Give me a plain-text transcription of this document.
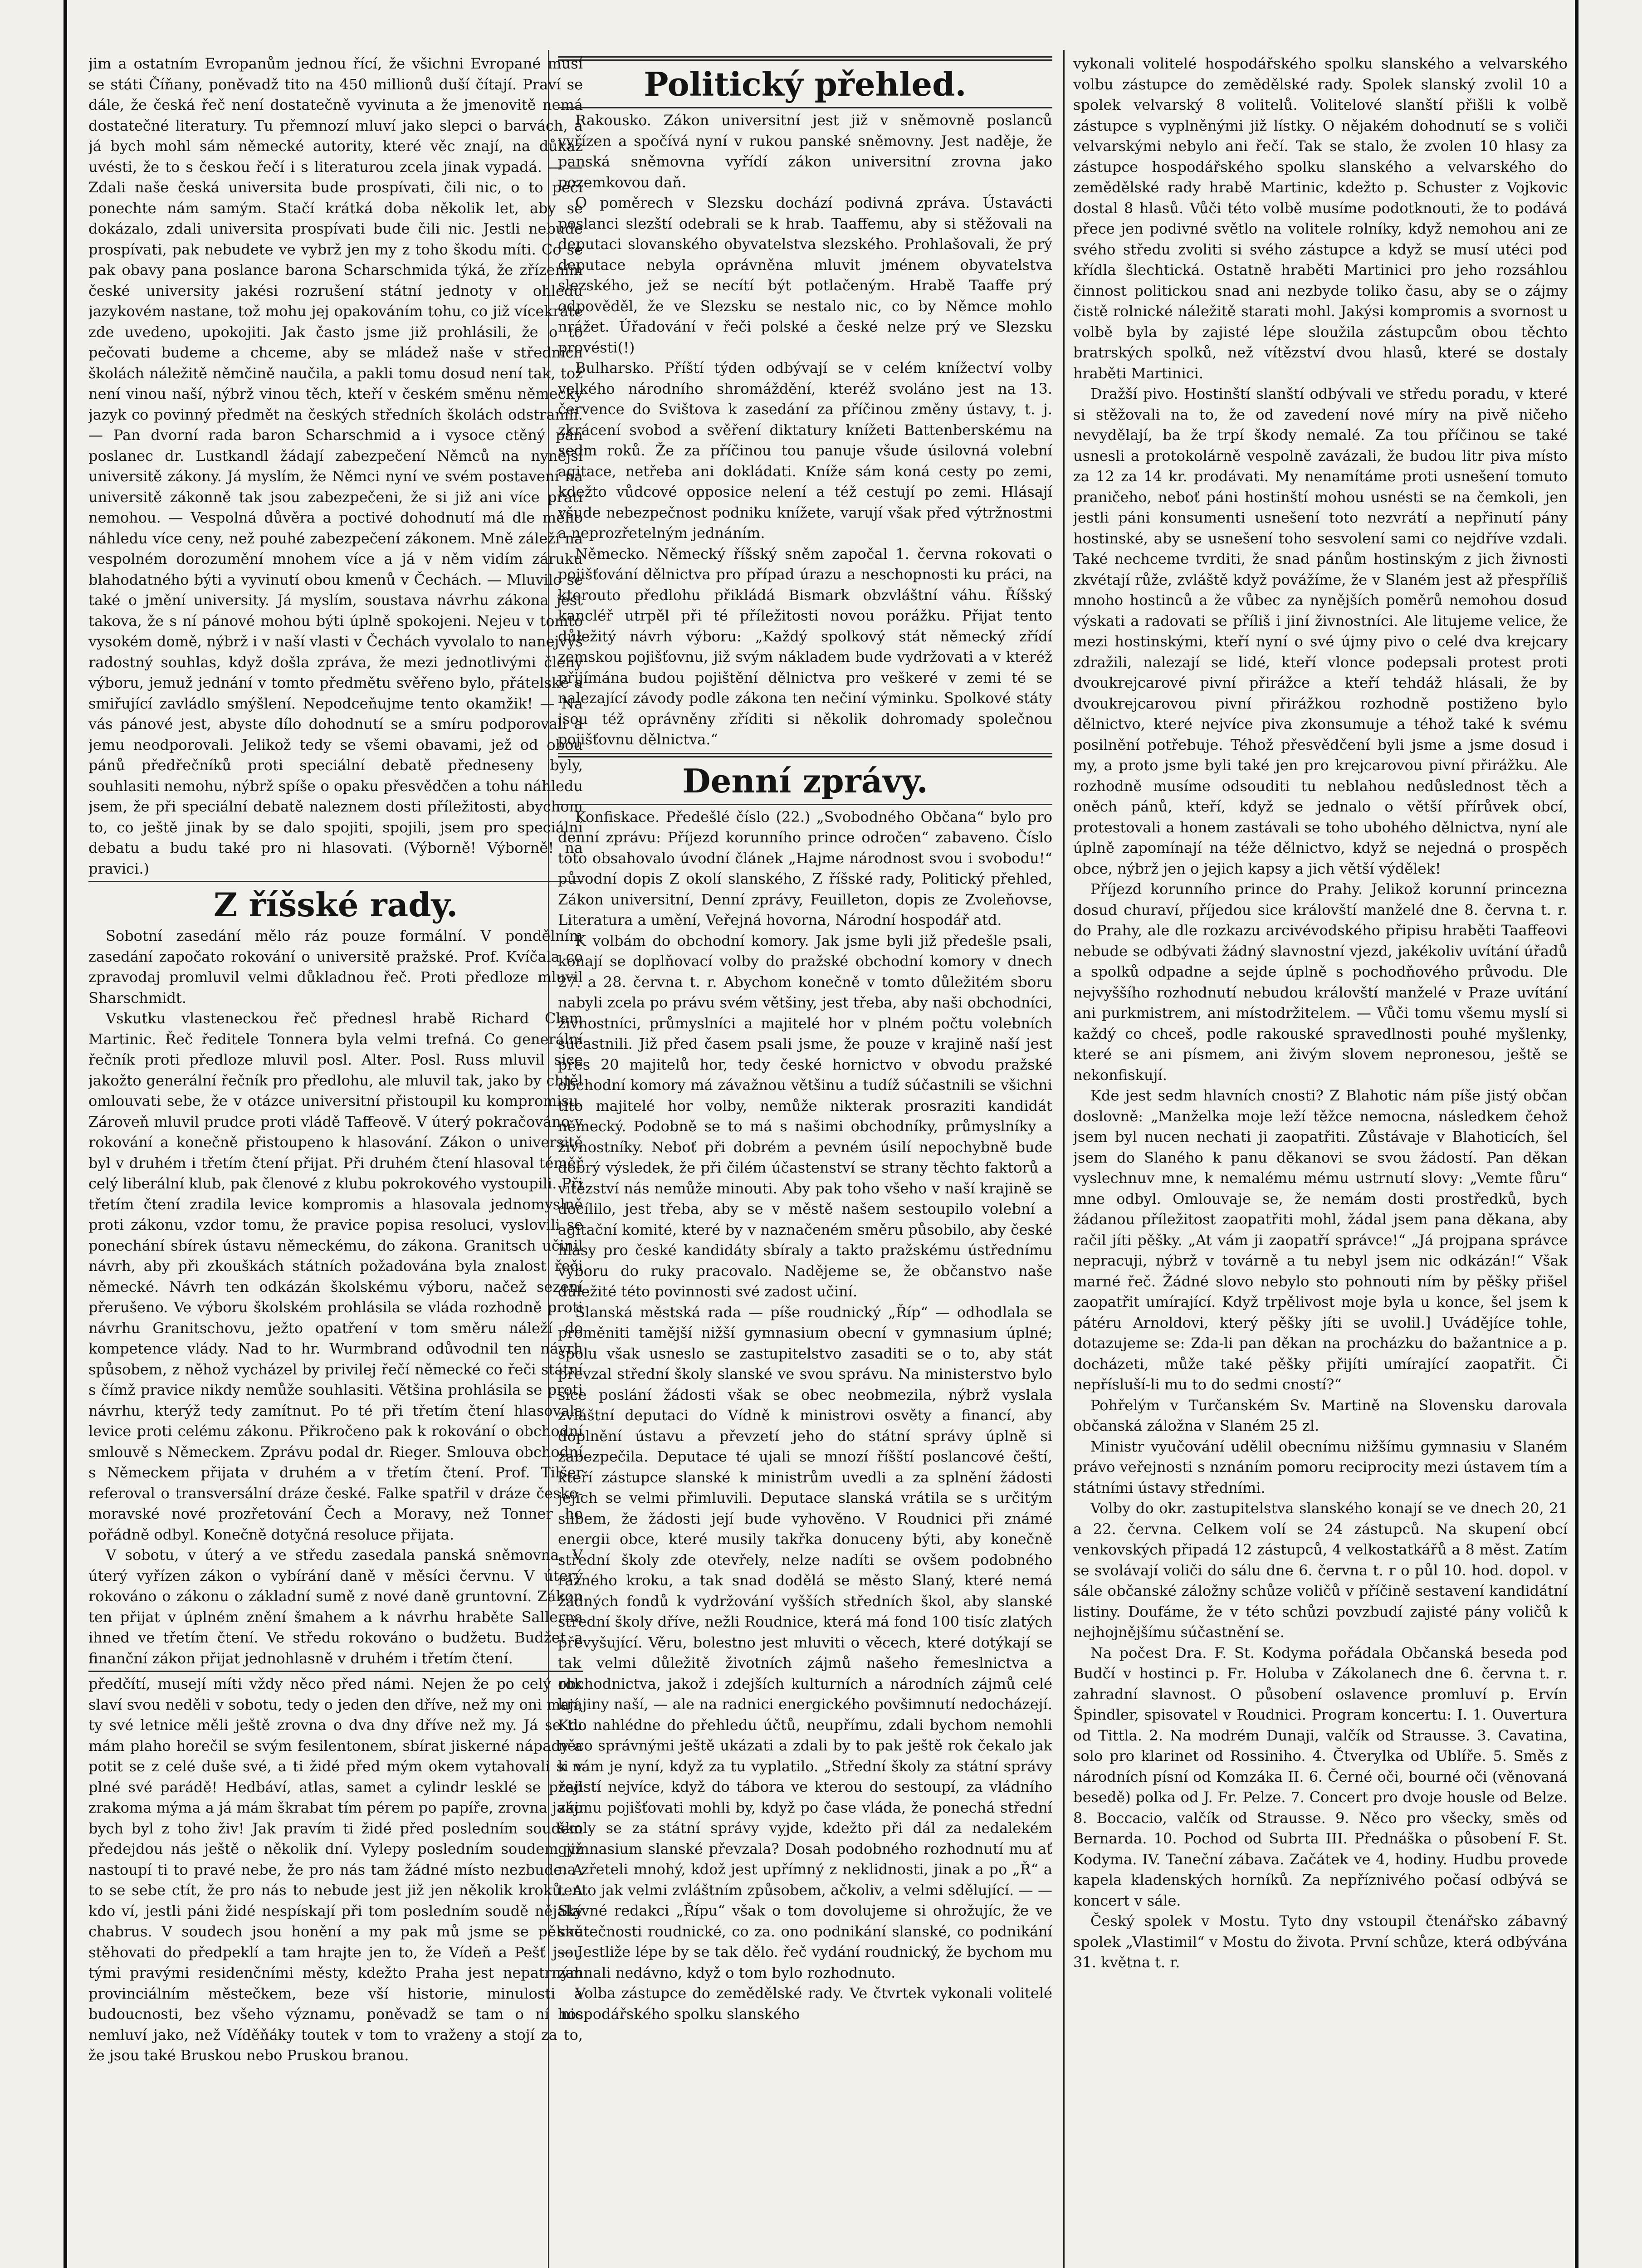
jim a ostatním Evropanům jednou řící, že všichni Evropané musí se státi Číňany, poněvadž tito na 450 millionů duší čítají. Praví se dále, že česká řeč není dostatečně vyvinuta a že jmenovitě nemá dostatečné literatury. Tu přemnozí mluví jako slepci o barvách, a já bych mohl sám německé autority, které věc znají, na důkaz uvésti, že to s českou řečí i s literaturou zcela jinak vypadá. — — Zdali naše česká universita bude prospívati, čili nic, o to péči ponechte nám samým. Stačí krátká doba několik let, aby se dokázalo, zdali universita prospívati bude čili nic. Jestli nebude prospívati, pak nebudete ve vybrž jen my z toho škodu míti. Co se pak obavy pana poslance barona Scharschmida týká, že zřízením české university jakési rozrušení státní jednoty v ohledu jazykovém nastane, tož mohu jej opakováním tohu, co již vícekráte zde uvedeno, upokojiti. Jak často jsme již prohlásili, že o to pečovati budeme a chceme, aby se mládež naše v středních školách náležitě němčině naučila, a pakli tomu dosud není tak, tož není vinou naší, nýbrž vinou těch, kteří v českém směnu německy jazyk co povinný předmět na českých středních školách odstranili. — Pan dvorní rada baron Scharschmid a i vysoce ctěný pán poslanec dr. Lustkandl žádají zabezpečení Němců na nynější universitě zákony. Já myslím, že Němci nyní ve svém postavení na universitě zákonně tak jsou zabezpečeni, že si již ani více přáti nemohou. — Vespolná důvěra a poctivé dohodnutí má dle mého náhledu více ceny, než pouhé zabezpečení zákonem. Mně záleží na vespolném dorozumění mnohem více a já v něm vidím záruku blahodatného býti a vyvinutí obou kmenů v Čechách. — Mluvilo se také o jmění university. Já myslím, soustava návrhu zákona jest takova, že s ní pánové mohou býti úplně spokojeni. Nejeu v tomto vysokém domě, nýbrž i v naší vlasti v Čechách vyvolalo to nanejvýš radostný souhlas, když došla zpráva, že mezi jednotlivými členy výboru, jemuž jednání v tomto předmětu svěřeno bylo, přátelské a smiřující zavládlo smýšlení. Nepodceňujme tento okamžik! — Na vás pánové jest, abyste dílo dohodnutí se a smíru podporovali a jemu neodporovali. Jelikož tedy se všemi obavami, jež od obou pánů předřečníků proti speciální debatě předneseny byly, souhlasiti nemohu, nýbrž spíše o opaku přesvědčen a tohu náhledu jsem, že při speciální debatě naleznem dosti příležitosti, abychom to, co ještě jinak by se dalo spojiti, spojili, jsem pro speciální debatu a budu také pro ni hlasovati. (Výborně! Výborně! na pravici.)

Z říšské rady.

Sobotní zasedání mělo ráz pouze formální. V pondělním zasedání započato rokování o universitě pražské. Prof. Kvíčala co zpravodaj promluvil velmi důkladnou řeč. Proti předloze mluvil Sharschmidt.

Vskutku vlasteneckou řeč přednesl hrabě Richard Clam Martinic. Řeč ředitele Tonnera byla velmi trefná. Co generální řečník proti předloze mluvil posl. Alter. Posl. Russ mluvil sice jakožto generální řečník pro předlohu, ale mluvil tak, jako by chtěl omlouvati sebe, že v otázce universitní přistoupil ku kompromisu. Zároveň mluvil prudce proti vládě Taffeově. V úterý pokračováno v rokování a konečně přistoupeno k hlasování. Zákon o universitě byl v druhém i třetím čtení přijat. Při druhém čtení hlasoval téměř celý liberální klub, pak členové z klubu pokrokového vystoupili. Při třetím čtení zradila levice kompromis a hlasovala jednomyslně proti zákonu, vzdor tomu, že pravice popisa resoluci, vyslovili se ponechání sbírek ústavu německému, do zákona. Granitsch učinil návrh, aby při zkouškách státních požadována byla znalost řeči německé. Návrh ten odkázán školskému výboru, načež sezení přerušeno. Ve výboru školském prohlásila se vláda rozhodně proti návrhu Granitschovu, ježto opatření v tom směru náleží do kompetence vlády. Nad to hr. Wurmbrand odůvodnil ten návrh spůsobem, z něhož vycházel by privilej řečí německé co řeči státní s čímž pravice nikdy nemůže souhlasiti. Většina prohlásila se proti návrhu, kterýž tedy zamítnut. Po té při třetím čtení hlasovala levice proti celému zákonu. Přikročeno pak k rokování o obchodní smlouvě s Německem. Zprávu podal dr. Rieger. Smlouva obchodní s Německem přijata v druhém a v třetím čtení. Prof. Tilšer referoval o transversální dráze české. Falke spatřil v dráze česko-moravské nové prozřetování Čech a Moravy, než Tonner ho pořádně odbyl. Konečně dotyčná resoluce přijata.

V sobotu, v úterý a ve středu zasedala panská sněmovna. V úterý vyřízen zákon o vybírání daně v měsíci červnu. V úterý rokováno o zákonu o základní sumě z nové daně gruntovní. Zákon ten přijat v úplném znění šmahem a k návrhu hraběte Sallerna ihned ve třetím čtení. Ve středu rokováno o budžetu. Budžet a finanční zákon přijat jednohlasně v druhém i třetím čtení.

předčítí, musejí míti vždy něco před námi. Nejen že po celý rok slaví svou neděli v sobotu, tedy o jeden den dříve, než my oni mají, ty své letnice měli ještě zrovna o dva dny dříve než my. Já se tu mám plaho horečil se svým fesilentonem, sbírat jiskerné nápady a potit se z celé duše své, a ti židé před mým okem vytahovali si v plné své parádě! Hedbáví, atlas, samet a cylindr lesklé se před zrakoma mýma a já mám škrabat tím pérem po papíře, zrovna jako bych byl z toho živ! Jak pravím ti židé před posledním soudem předejdou nás ještě o několik dní. Vylepy posledním soudem již nastoupí ti to pravé nebe, že pro nás tam žádné místo nezbude. A to se sebe ctít, že pro nás to nebude jest již jen několik kroků. A kdo ví, jestli páni židé nespískají při tom posledním soudě nějaký chabrus. V soudech jsou honění a my pak mů jsme se pěkně stěhovati do předpeklí a tam hrajte jen to, že Vídeň a Pešť jsou tými pravými residenčními městy, kdežto Praha jest nepatrným provinciálním městečkem, beze vší historie, minulosti a budoucnosti, bez všeho významu, poněvadž se tam o ní nic nemluví jako, než Víděňáky toutek v tom to vraženy a stojí za to, že jsou také Bruskou nebo Pruskou branou.

Politický přehled.

Rakousko. Zákon universitní jest již v sněmovně poslanců vyřízen a spočívá nyní v rukou panské sněmovny. Jest naděje, že panská sněmovna vyřídí zákon universitní zrovna jako pozemkovou daň.

O poměrech v Slezsku dochází podivná zpráva. Ústavácti poslanci slezští odebrali se k hrab. Taaffemu, aby si stěžovali na deputaci slovanského obyvatelstva slezského. Prohlašovali, že prý deputace nebyla oprávněna mluvit jménem obyvatelstva slezského, jež se necítí být potlačeným. Hrabě Taaffe prý odpověděl, že ve Slezsku se nestalo nic, co by Němce mohlo nrážet. Úřadování v řeči polské a české nelze prý ve Slezsku provésti(!)

Bulharsko. Příští týden odbývají se v celém knížectví volby velkého národního shromáždění, kteréž svoláno jest na 13. července do Svištova k zasedání za příčinou změny ústavy, t. j. zkrácení svobod a svěření diktatury knížeti Battenberskému na sedm roků. Že za příčinou tou panuje všude úsilovná volební agitace, netřeba ani dokládati. Kníže sám koná cesty po zemi, kdežto vůdcové opposice nelení a též cestují po zemi. Hlásají všude nebezpečnost podniku knížete, varují však před výtržnostmi a neprozřetelným jednáním.

Německo. Německý říšský sněm započal 1. června rokovati o pojišťování dělnictva pro případ úrazu a neschopnosti ku práci, na kterouto předlohu přikládá Bismark obzvláštní váhu. Říšský kancléř utrpěl při té příležitosti novou porážku. Přijat tento důležitý návrh výboru: „Každý spolkový stát německý zřídí zemskou pojišťovnu, již svým nákladem bude vydržovati a v kteréž přijímána budou pojištění dělnictva pro veškeré v zemi té se nalezající závody podle zákona ten nečiní výminku. Spolkové státy jsou též oprávněny zříditi si několik dohromady společnou pojišťovnu dělnictva.“

Denní zprávy.

Konfiskace. Předešlé číslo (22.) „Svobodného Občana“ bylo pro denní zprávu: Příjezd korunního prince odročen“ zabaveno. Číslo toto obsahovalo úvodní článek „Hajme národnost svou i svobodu!“ původní dopis Z okolí slanského, Z říšské rady, Politický přehled, Zákon universitní, Denní zprávy, Feuilleton, dopis ze Zvoleňovse, Literatura a umění, Veřejná hovorna, Národní hospodář atd.

K volbám do obchodní komory. Jak jsme byli již předešle psali, konají se doplňovací volby do pražské obchodní komory v dnech 27. a 28. června t. r. Abychom konečně v tomto důležitém sboru nabyli zcela po právu svém většiny, jest třeba, aby naši obchodníci, živnostníci, průmyslníci a majitelé hor v plném počtu volebních súčastnili. Již před časem psali jsme, že pouze v krajině naší jest přes 20 majitelů hor, tedy české hornictvo v obvodu pražské obchodní komory má závažnou většinu a tudíž súčastnili se všichni tito majitelé hor volby, nemůže nikterak prosraziti kandidát německý. Podobně se to má s našimi obchodníky, průmyslníky a živnostníky. Neboť při dobrém a pevném úsilí nepochybně bude dobrý výsledek, že při čilém účastenství se strany těchto faktorů a vítězství nás nemůže minouti. Aby pak toho všeho v naší krajině se docílilo, jest třeba, aby se v městě našem sestoupilo volební a agitační komité, které by v naznačeném směru působilo, aby české hlasy pro české kandidáty sbíraly a takto pražskému ústřednímu výboru do ruky pracovalo. Nadějeme se, že občanstvo naše důležité této povinnosti své zadost učiní.

Slanská městská rada — píše roudnický „Říp“ — odhodlala se proměniti tamější nižší gymnasium obecní v gymnasium úplné; spolu však usneslo se zastupitelstvo zasaditi se o to, aby stát převzal střední školy slanské ve svou správu. Na ministerstvo bylo sice poslání žádosti však se obec neobmezila, nýbrž vyslala zvláštní deputaci do Vídně k ministrovi osvěty a financí, aby doplnění ústavu a převzetí jeho do státní správy úplně si zabezpečila. Deputace té ujali se mnozí říšští poslancové čeští, kteří zástupce slanské k ministrům uvedli a za splnění žádosti jejich se velmi přimluvili. Deputace slanská vrátila se s určitým slibem, že žádosti její bude vyhověno. V Roudnici při známé energii obce, které musily takřka donuceny býti, aby konečně střední školy zde otevřely, nelze nadíti se ovšem podobného rázného kroku, a tak snad dodělá se město Slaný, které nemá žádných fondů k vydržování vyšších středních škol, aby slanské střední školy dříve, nežli Roudnice, která má fond 100 tisíc zlatých převyšující. Věru, bolestno jest mluviti o věcech, které dotýkají se tak velmi důležitě životních zájmů našeho řemeslnictva a obchodnictva, jakož i zdejších kulturních a národních zájmů celé krajiny naší, — ale na radnici energického povšimnutí nedocházejí. Kdo nahlédne do přehledu účtů, neupřímu, zdali bychom nemohli něco správnými ještě ukázati a zdali by to pak ještě rok čekalo jak k nám je nyní, když za tu vyplatilo. „Střední školy za státní správy zajistí nejvíce, když do tábora ve kterou do sestoupí, za vládního zájmu pojišťovati mohli by, když po čase vláda, že ponechá střední školy se za státní správy vyjde, kdežto při dál za nedalekém gymnasium slanské převzala? Dosah podobného rozhodnutí mu ať na zřeteli mnohý, kdož jest upřímný z neklidnosti, jinak a po „Ř“ a tento jak velmi zvláštním způsobem, ačkoliv, a velmi sdělující. — — Slavné redakci „Řípu“ však o tom dovolujeme si ohrožujíc, že ve skutečnosti roudnické, co za. ono podnikání slanské, co podnikání — Jestliže lépe by se tak dělo. řeč vydání roudnický, že bychom mu zahnali nedávno, když o tom bylo rozhodnuto.

Volba zástupce do zemědělské rady. Ve čtvrtek vykonali volitelé hospodářského spolku slanského

vykonali volitelé hospodářského spolku slanského a velvarského volbu zástupce do zemědělské rady. Spolek slanský zvolil 10 a spolek velvarský 8 volitelů. Volitelové slanští přišli k volbě zástupce s vyplněnými již lístky. O nějakém dohodnutí se s voliči velvarskými nebylo ani řečí. Tak se stalo, že zvolen 10 hlasy za zástupce hospodářského spolku slanského a velvarského do zemědělské rady hrabě Martinic, kdežto p. Schuster z Vojkovic dostal 8 hlasů. Vůči této volbě musíme podotknouti, že to podává přece jen podivné světlo na volitele rolníky, když nemohou ani ze svého středu zvoliti si svého zástupce a když se musí utéci pod křídla šlechtická. Ostatně hraběti Martinici pro jeho rozsáhlou činnost politickou snad ani nezbyde toliko času, aby se o zájmy čistě rolnické náležitě starati mohl. Jakýsi kompromis a svornost u volbě byla by zajisté lépe sloužila zástupcům obou těchto bratrských spolků, než vítězství dvou hlasů, které se dostaly hraběti Martinici.

Dražší pivo. Hostinští slanští odbývali ve středu poradu, v které si stěžovali na to, že od zavedení nové míry na pivě ničeho nevydělají, ba že trpí škody nemalé. Za tou příčinou se také usnesli a protokolárně vespolně zavázali, že budou litr piva místo za 12 za 14 kr. prodávati. My nenamítáme proti usnešení tomuto praničeho, neboť páni hostinští mohou usnésti se na čemkoli, jen jestli páni konsumenti usnešení toto nezvrátí a nepřinutí pány hostinské, aby se usnešení toho sesvolení sami co nejdříve vzdali. Také nechceme tvrditi, že snad pánům hostinským z jich živnosti zkvétají růže, zvláště když povážíme, že v Slaném jest až přespříliš mnoho hostinců a že vůbec za nynějších poměrů nemohou dosud výskati a radovati se příliš i jiní živnostníci. Ale litujeme velice, že mezi hostinskými, kteří nyní o své újmy pivo o celé dva krejcary zdražili, nalezají se lidé, kteří vlonce podepsali protest proti dvoukrejcarové pivní přirážce a kteří tehdáž hlásali, že by dvoukrejcarovou pivní přirážkou rozhodně postiženo bylo dělnictvo, které nejvíce piva zkonsumuje a téhož také k svému posilnění potřebuje. Téhož přesvědčení byli jsme a jsme dosud i my, a proto jsme byli také jen pro krejcarovou pivní přirážku. Ale rozhodně musíme odsouditi tu neblahou nedůslednost těch a oněch pánů, kteří, když se jednalo o větší přírůvek obcí, protestovali a honem zastávali se toho ubohého dělnictva, nyní ale úplně zapomínají na téže dělnictvo, když se nejedná o prospěch obce, nýbrž jen o jejich kapsy a jich větší výdělek!

Příjezd korunního prince do Prahy. Jelikož korunní princezna dosud churaví, příjedou sice královští manželé dne 8. června t. r. do Prahy, ale dle rozkazu arcivévodského připisu hraběti Taaffeovi nebude se odbývati žádný slavnostní vjezd, jakékoliv uvítání úřadů a spolků odpadne a sejde úplně s pochodňového průvodu. Dle nejvyššího rozhodnutí nebudou královští manželé v Praze uvítání ani purkmistrem, ani místodržitelem. — Vůči tomu všemu myslí si každý co chceš, podle rakouské spravedlnosti pouhé myšlenky, které se ani písmem, ani živým slovem nepronesou, ještě se nekonfiskují.

Kde jest sedm hlavních cnosti? Z Blahotic nám píše jistý občan doslovně: „Manželka moje leží těžce nemocna, následkem čehož jsem byl nucen nechati ji zaopatřiti. Zůstávaje v Blahoticích, šel jsem do Slaného k panu děkanovi se svou žádostí. Pan děkan vyslechnuv mne, k nemalému mému ustrnutí slovy: „Vemte fůru“ mne odbyl. Omlouvaje se, že nemám dosti prostředků, bych žádanou příležitost zaopatřiti mohl, žádal jsem pana děkana, aby račil jíti pěšky. „At vám ji zaopatří správce!“ „Já projpana správce nepracuji, nýbrž v továrně a tu nebyl jsem nic odkázán!“ Však marné řeč. Žádné slovo nebylo sto pohnouti ním by pěšky přišel zaopatřit umírající. Když trpělivost moje byla u konce, šel jsem k pátéru Arnoldovi, který pěšky jíti se uvolil.] Uvádějíce tohle, dotazujeme se: Zda-li pan děkan na procházku do bažantnice a p. docházeti, může také pěšky přijíti umírající zaopatřit. Či nepřísluší-li mu to do sedmi cností?“

Pohřelým v Turčanském Sv. Martině na Slovensku darovala občanská záložna v Slaném 25 zl.

Ministr vyučování udělil obecnímu nižšímu gymnasiu v Slaném právo veřejnosti s nznáním pomoru reciprocity mezi ústavem tím a státními ústavy středními.

Volby do okr. zastupitelstva slanského konají se ve dnech 20, 21 a 22. června. Celkem volí se 24 zástupců. Na skupení obcí venkovských připadá 12 zástupců, 4 velkostatkářů a 8 měst. Zatím se svolávají voliči do sálu dne 6. června t. r o půl 10. hod. dopol. v sále občanské záložny schůze voličů v příčině sestavení kandidátní listiny. Doufáme, že v této schůzi povzbudí zajisté pány voličů k nejhojnějšímu súčastnění se.

Na počest Dra. F. St. Kodyma pořádala Občanská beseda pod Budčí v hostinci p. Fr. Holuba v Zákolanech dne 6. června t. r. zahradní slavnost. O působení oslavence promluví p. Ervín Špindler, spisovatel v Roudnici. Program koncertu: I. 1. Ouvertura od Tittla. 2. Na modrém Dunaji, valčík od Strausse. 3. Cavatina, solo pro klarinet od Rossiniho. 4. Čtverylka od Ublíře. 5. Směs z národních písní od Komzáka II. 6. Černé oči, bourné oči (věnovaná besedě) polka od J. Fr. Pelze. 7. Concert pro dvoje housle od Belze. 8. Boccacio, valčík od Strausse. 9. Něco pro všecky, směs od Bernarda. 10. Pochod od Subrta III. Přednáška o působení F. St. Kodyma. IV. Taneční zábava. Začátek ve 4, hodiny. Hudbu provede kapela kladenských horníků. Za nepříznivého počasí odbývá se koncert v sále.

Český spolek v Mostu. Tyto dny vstoupil čtenářsko zábavný spolek „Vlastimil“ v Mostu do života. První schůze, která odbývána 31. května t. r.
